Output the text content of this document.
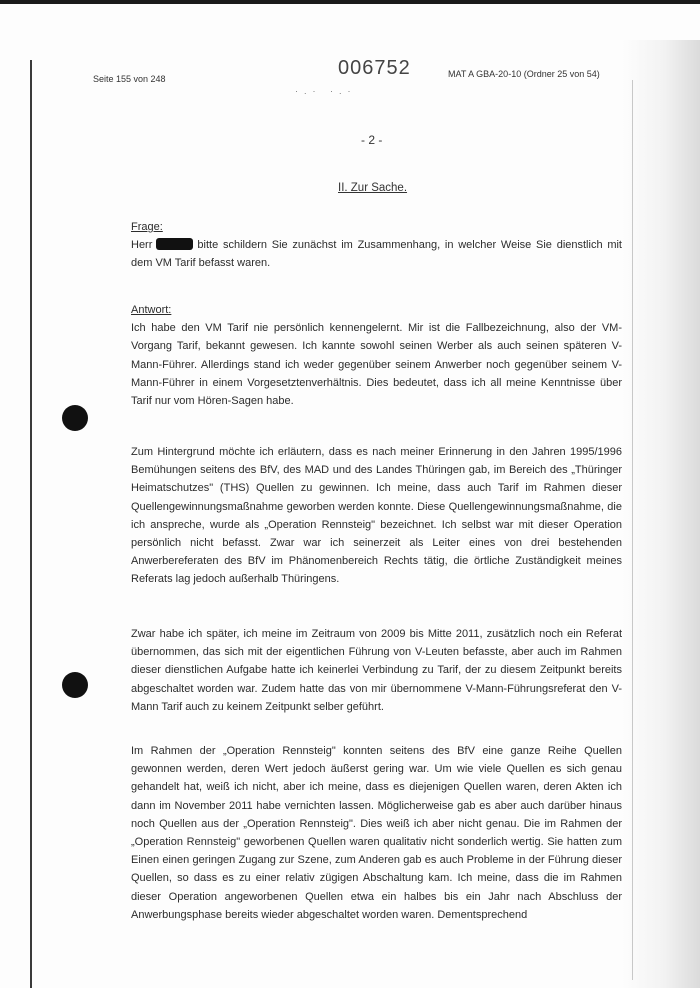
Seite 155 von 248	006752	MAT A GBA-20-10 (Ordner 25 von 54)
·.· ·.·
- 2 -
II. Zur Sache.

Frage:

Herr	bitte schildern Sie zunächst im Zusammenhang, in welcher Weise Sie dienstlich mit dem VM Tarif befasst waren.

Antwort:

Ich habe den VM Tarif nie persönlich kennengelernt. Mir ist die Fallbezeichnung, also der VM-Vorgang Tarif, bekannt gewesen. Ich kannte sowohl seinen Werber als auch seinen späteren V-Mann-Führer. Allerdings stand ich weder gegenüber seinem Anwerber noch gegenüber seinem V-Mann-Führer in einem Vorgesetztenverhältnis. Dies bedeutet, dass ich all meine Kenntnisse über Tarif nur vom Hören-Sagen habe.

Zum Hintergrund möchte ich erläutern, dass es nach meiner Erinnerung in den Jahren 1995/1996 Bemühungen seitens des BfV, des MAD und des Landes Thüringen gab, im Bereich des „Thüringer Heimatschutzes" (THS) Quellen zu gewinnen. Ich meine, dass auch Tarif im Rahmen dieser Quellengewinnungsmaßnahme geworben werden konnte. Diese Quellengewinnungsmaßnahme, die ich anspreche, wurde als „Operation Rennsteig" bezeichnet. Ich selbst war mit dieser Operation persönlich nicht befasst. Zwar war ich seinerzeit als Leiter eines von drei bestehenden Anwerbereferaten des BfV im Phänomenbereich Rechts tätig, die örtliche Zuständigkeit meines Referats lag jedoch außerhalb Thüringens.

Zwar habe ich später, ich meine im Zeitraum von 2009 bis Mitte 2011, zusätzlich noch ein Referat übernommen, das sich mit der eigentlichen Führung von V-Leuten befasste, aber auch im Rahmen dieser dienstlichen Aufgabe hatte ich keinerlei Verbindung zu Tarif, der zu diesem Zeitpunkt bereits abgeschaltet worden war. Zudem hatte das von mir übernommene V-Mann-Führungsreferat den V-Mann Tarif auch zu keinem Zeitpunkt selber geführt.

Im Rahmen der „Operation Rennsteig" konnten seitens des BfV eine ganze Reihe Quellen gewonnen werden, deren Wert jedoch äußerst gering war. Um wie viele Quellen es sich genau gehandelt hat, weiß ich nicht, aber ich meine, dass es diejenigen Quellen waren, deren Akten ich dann im November 2011 habe vernichten lassen. Möglicherweise gab es aber auch darüber hinaus noch Quellen aus der „Operation Rennsteig". Dies weiß ich aber nicht genau. Die im Rahmen der „Operation Rennsteig" geworbenen Quellen waren qualitativ nicht sonderlich wertig. Sie hatten zum Einen einen geringen Zugang zur Szene, zum Anderen gab es auch Probleme in der Führung dieser Quellen, so dass es zu einer relativ zügigen Abschaltung kam. Ich meine, dass die im Rahmen dieser Operation angeworbenen Quellen etwa ein halbes bis ein Jahr nach Abschluss der Anwerbungsphase bereits wieder abgeschaltet worden waren. Dementsprechend
